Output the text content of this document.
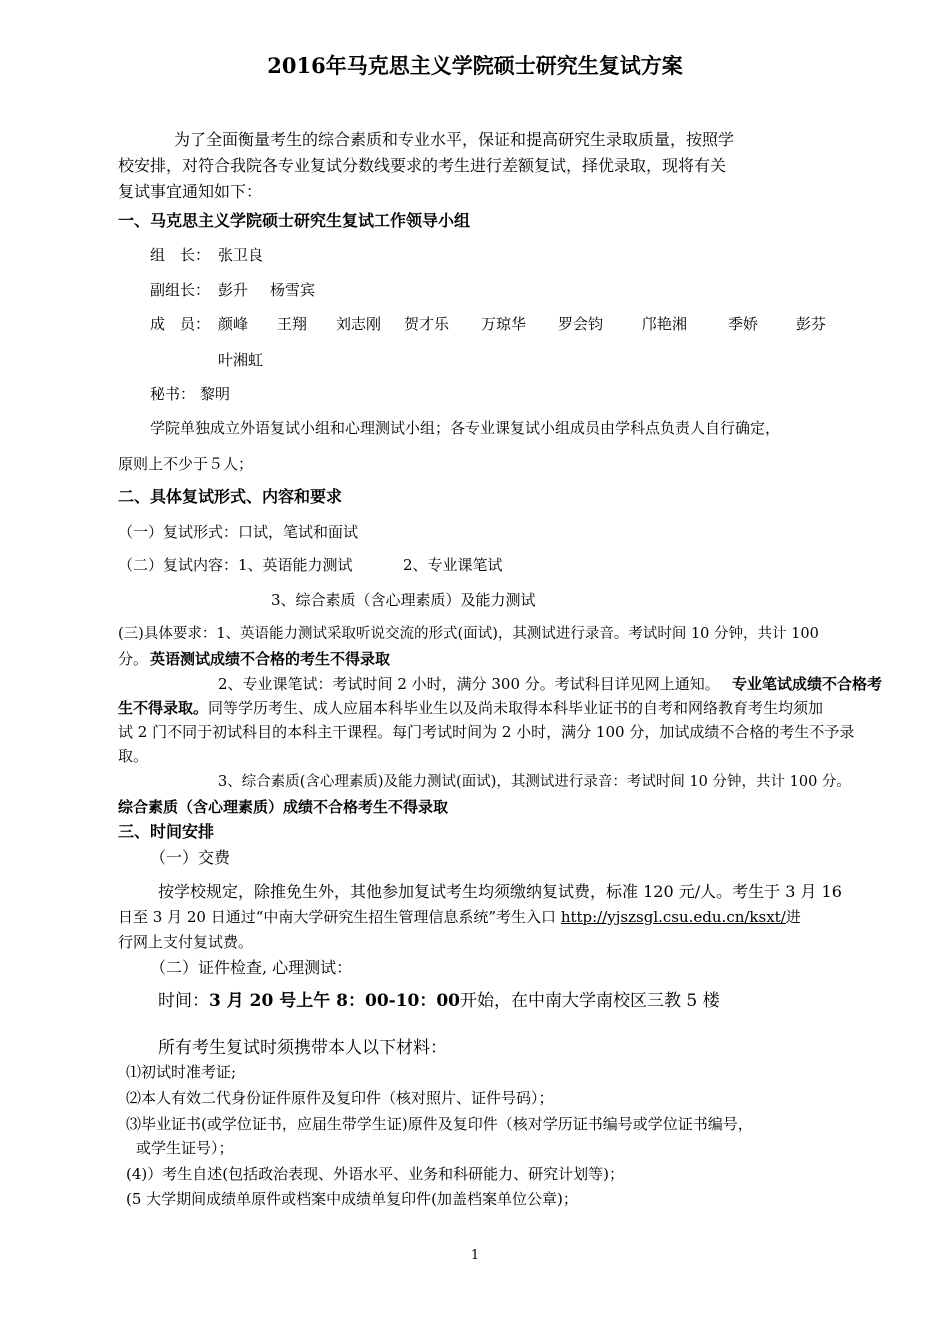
2016年马克思主义学院硕士研究生复试方案
为了全面衡量考生的综合素质和专业水平，保证和提高研究生录取质量，按照学
校安排，对符合我院各专业复试分数线要求的考生进行差额复试，择优录取，现将有关
复试事宜通知如下：
一、马克思主义学院硕士研究生复试工作领导小组
组　长： 张卫良
副组长： 彭升 杨雪宾
成　员： 颜峰 王翔 刘志刚 贺才乐 万琼华 罗会钧	邝艳湘	季娇	彭芬
叶湘虹
秘书： 黎明
学院单独成立外语复试小组和心理测试小组；各专业课复试小组成员由学科点负责人自行确定，
原则上不少于５人；
二、具体复试形式、内容和要求
（一）复试形式：口试，笔试和面试
（二）复试内容：1、英语能力测试	2、专业课笔试
3、综合素质（含心理素质）及能力测试
(三)具体要求：1、英语能力测试采取听说交流的形式(面试)，其测试进行录音。考试时间 10 分钟，共计 100
分。 英语测试成绩不合格的考生不得录取
2、专业课笔试：考试时间 2 小时，满分 300 分。考试科目详见网上通知。 专业笔试成绩不合格考
生不得录取。 同等学历考生、成人应届本科毕业生以及尚未取得本科毕业证书的自考和网络教育考生均须加
试 2 门不同于初试科目的本科主干课程。每门考试时间为 2 小时，满分 100 分，加试成绩不合格的考生不予录
取。
3、综合素质(含心理素质)及能力测试(面试)，其测试进行录音：考试时间 10 分钟，共计 100 分。
综合素质（含心理素质）成绩不合格考生不得录取
三、时间安排
（一）交费
按学校规定，除推免生外，其他参加复试考生均须缴纳复试费，标准 120 元/人。考生于 3 月 16
日至 3 月 20 日通过“中南大学研究生招生管理信息系统”考生入口 http://yjszsgl.csu.edu.cn/ksxt/进
行网上支付复试费。
（二）证件检查, 心理测试：
时间：3 月 20 号上午 8：00-10：00开始，在中南大学南校区三教 5 楼
所有考生复试时须携带本人以下材料：
⑴初试时准考证;
⑵本人有效二代身份证件原件及复印件（核对照片、证件号码）；
⑶毕业证书(或学位证书，应届生带学生证)原件及复印件（核对学历证书编号或学位证书编号，
或学生证号）；
(4)）考生自述(包括政治表现、外语水平、业务和科研能力、研究计划等)；
(5 大学期间成绩单原件或档案中成绩单复印件(加盖档案单位公章)；
1
